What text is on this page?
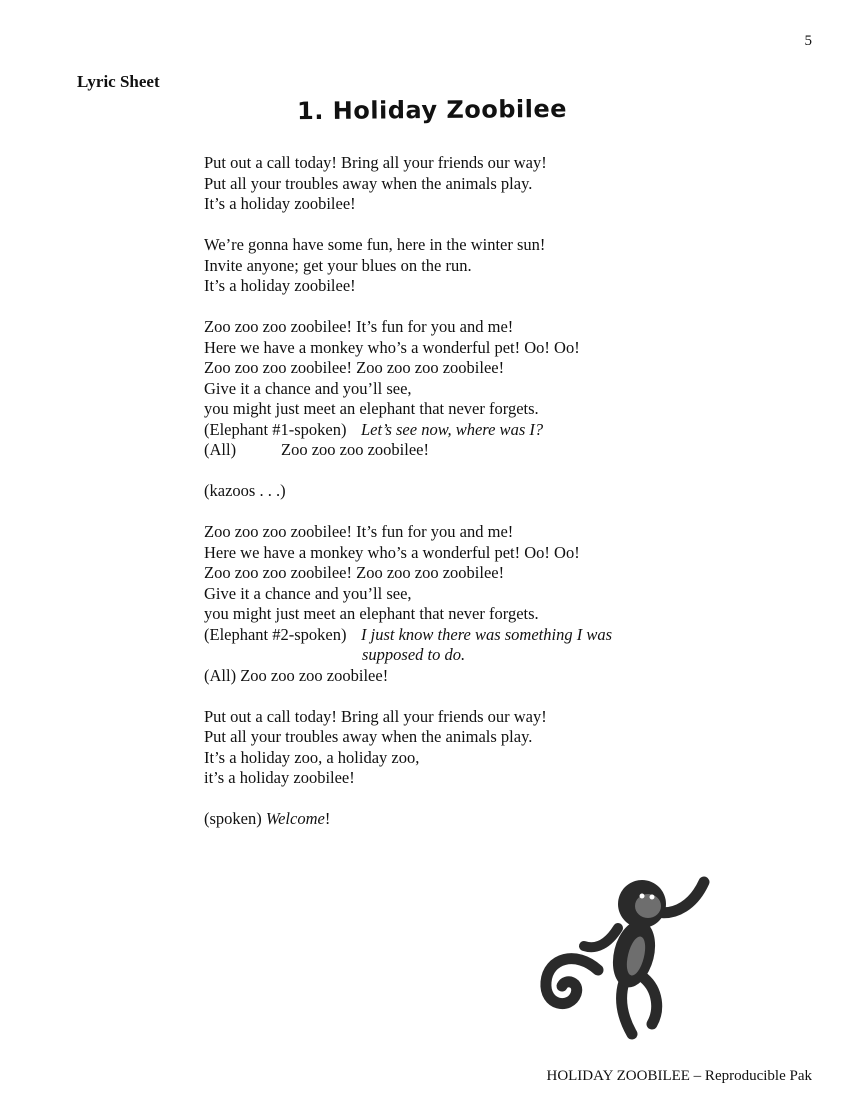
5
Lyric Sheet
1. Holiday Zoobilee
Put out a call today! Bring all your friends our way!
Put all your troubles away when the animals play.
It’s a holiday zoobilee!
We’re gonna have some fun, here in the winter sun!
Invite anyone; get your blues on the run.
It’s a holiday zoobilee!
Zoo zoo zoo zoobilee! It’s fun for you and me!
Here we have a monkey who’s a wonderful pet! Oo! Oo!
Zoo zoo zoo zoobilee! Zoo zoo zoo zoobilee!
Give it a chance and you’ll see,
you might just meet an elephant that never forgets.
(Elephant #1-spoken) Let’s see now, where was I?
(All)	Zoo zoo zoo zoobilee!
(kazoos . . .)
Zoo zoo zoo zoobilee! It’s fun for you and me!
Here we have a monkey who’s a wonderful pet! Oo! Oo!
Zoo zoo zoo zoobilee! Zoo zoo zoo zoobilee!
Give it a chance and you’ll see,
you might just meet an elephant that never forgets.
(Elephant #2-spoken) I just know there was something I was
supposed to do.
(All) Zoo zoo zoo zoobilee!
Put out a call today! Bring all your friends our way!
Put all your troubles away when the animals play.
It’s a holiday zoo, a holiday zoo,
it’s a holiday zoobilee!
(spoken) Welcome!
HOLIDAY ZOOBILEE – Reproducible Pak
